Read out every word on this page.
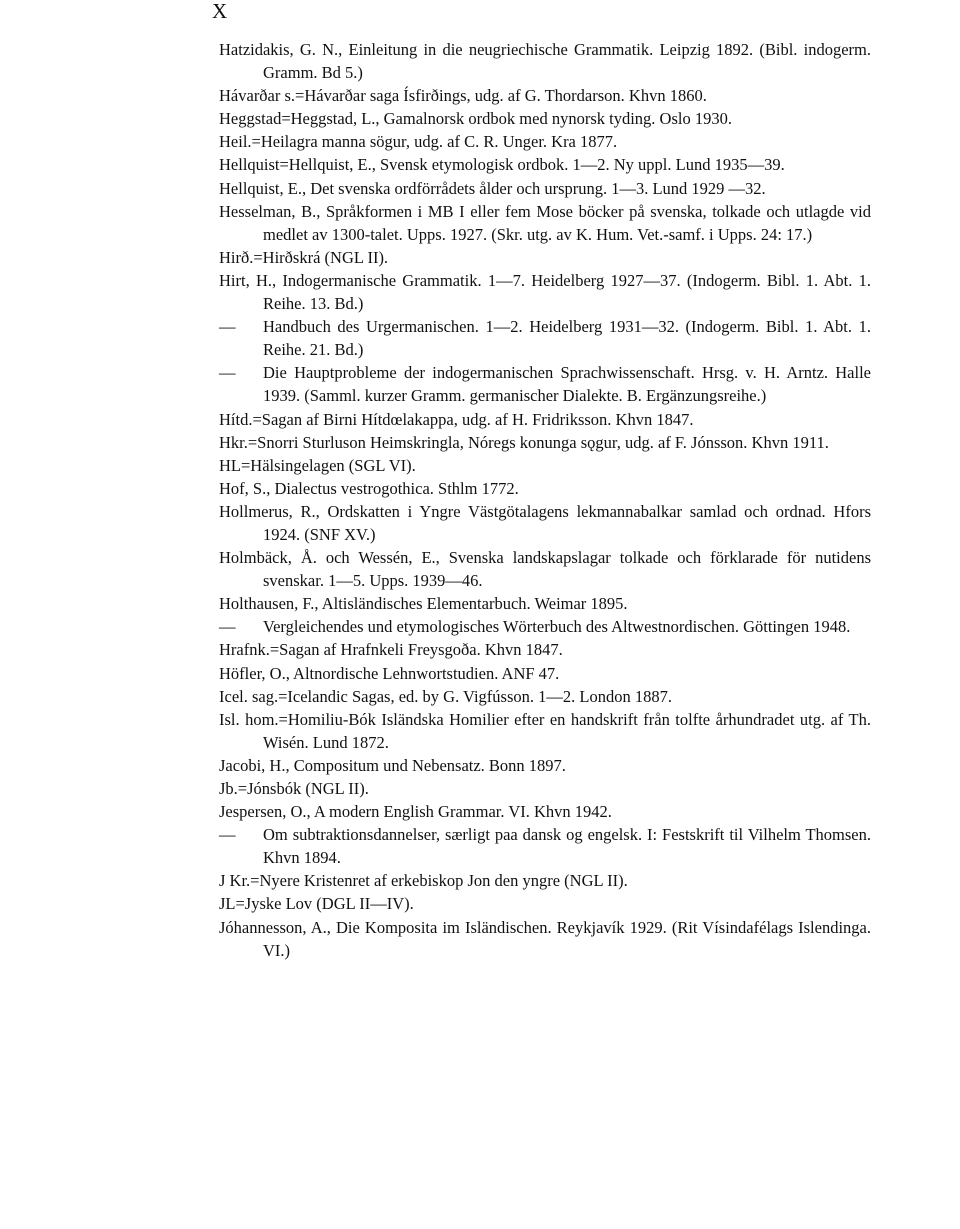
X
Hatzidakis, G. N., Einleitung in die neugriechische Grammatik. Leipzig 1892. (Bibl. indogerm. Gramm. Bd 5.)
Hávarðar s.=Hávarðar saga Ísfirðings, udg. af G. Thordarson. Khvn 1860.
Heggstad=Heggstad, L., Gamalnorsk ordbok med nynorsk tyding. Oslo 1930.
Heil.=Heilagra manna sögur, udg. af C. R. Unger. Kra 1877.
Hellquist=Hellquist, E., Svensk etymologisk ordbok. 1—2. Ny uppl. Lund 1935—39.
Hellquist, E., Det svenska ordförrådets ålder och ursprung. 1—3. Lund 1929 —32.
Hesselman, B., Språkformen i MB I eller fem Mose böcker på svenska, tolkade och utlagde vid medlet av 1300-talet. Upps. 1927. (Skr. utg. av K. Hum. Vet.-samf. i Upps. 24: 17.)
Hirð.=Hirðskrá (NGL II).
Hirt, H., Indogermanische Grammatik. 1—7. Heidelberg 1927—37. (Indogerm. Bibl. 1. Abt. 1. Reihe. 13. Bd.)
— Handbuch des Urgermanischen. 1—2. Heidelberg 1931—32. (Indogerm. Bibl. 1. Abt. 1. Reihe. 21. Bd.)
— Die Hauptprobleme der indogermanischen Sprachwissenschaft. Hrsg. v. H. Arntz. Halle 1939. (Samml. kurzer Gramm. germanischer Dialekte. B. Ergänzungsreihe.)
Hítd.=Sagan af Birni Hítdœlakappa, udg. af H. Fridriksson. Khvn 1847.
Hkr.=Snorri Sturluson Heimskringla, Nóregs konunga sǫgur, udg. af F. Jónsson. Khvn 1911.
HL=Hälsingelagen (SGL VI).
Hof, S., Dialectus vestrogothica. Sthlm 1772.
Hollmerus, R., Ordskatten i Yngre Västgötalagens lekmannabalkar samlad och ordnad. Hfors 1924. (SNF XV.)
Holmbäck, Å. och Wessén, E., Svenska landskapslagar tolkade och förklarade för nutidens svenskar. 1—5. Upps. 1939—46.
Holthausen, F., Altisländisches Elementarbuch. Weimar 1895.
— Vergleichendes und etymologisches Wörterbuch des Altwestnordischen. Göttingen 1948.
Hrafnk.=Sagan af Hrafnkeli Freysgoða. Khvn 1847.
Höfler, O., Altnordische Lehnwortstudien. ANF 47.
Icel. sag.=Icelandic Sagas, ed. by G. Vigfússon. 1—2. London 1887.
Isl. hom.=Homiliu-Bók Isländska Homilier efter en handskrift från tolfte århundradet utg. af Th. Wisén. Lund 1872.
Jacobi, H., Compositum und Nebensatz. Bonn 1897.
Jb.=Jónsbók (NGL II).
Jespersen, O., A modern English Grammar. VI. Khvn 1942.
— Om subtraktionsdannelser, særligt paa dansk og engelsk. I: Festskrift til Vilhelm Thomsen. Khvn 1894.
J Kr.=Nyere Kristenret af erkebiskop Jon den yngre (NGL II).
JL=Jyske Lov (DGL II—IV).
Jóhannesson, A., Die Komposita im Isländischen. Reykjavík 1929. (Rit Vísindafélags Islendinga. VI.)
